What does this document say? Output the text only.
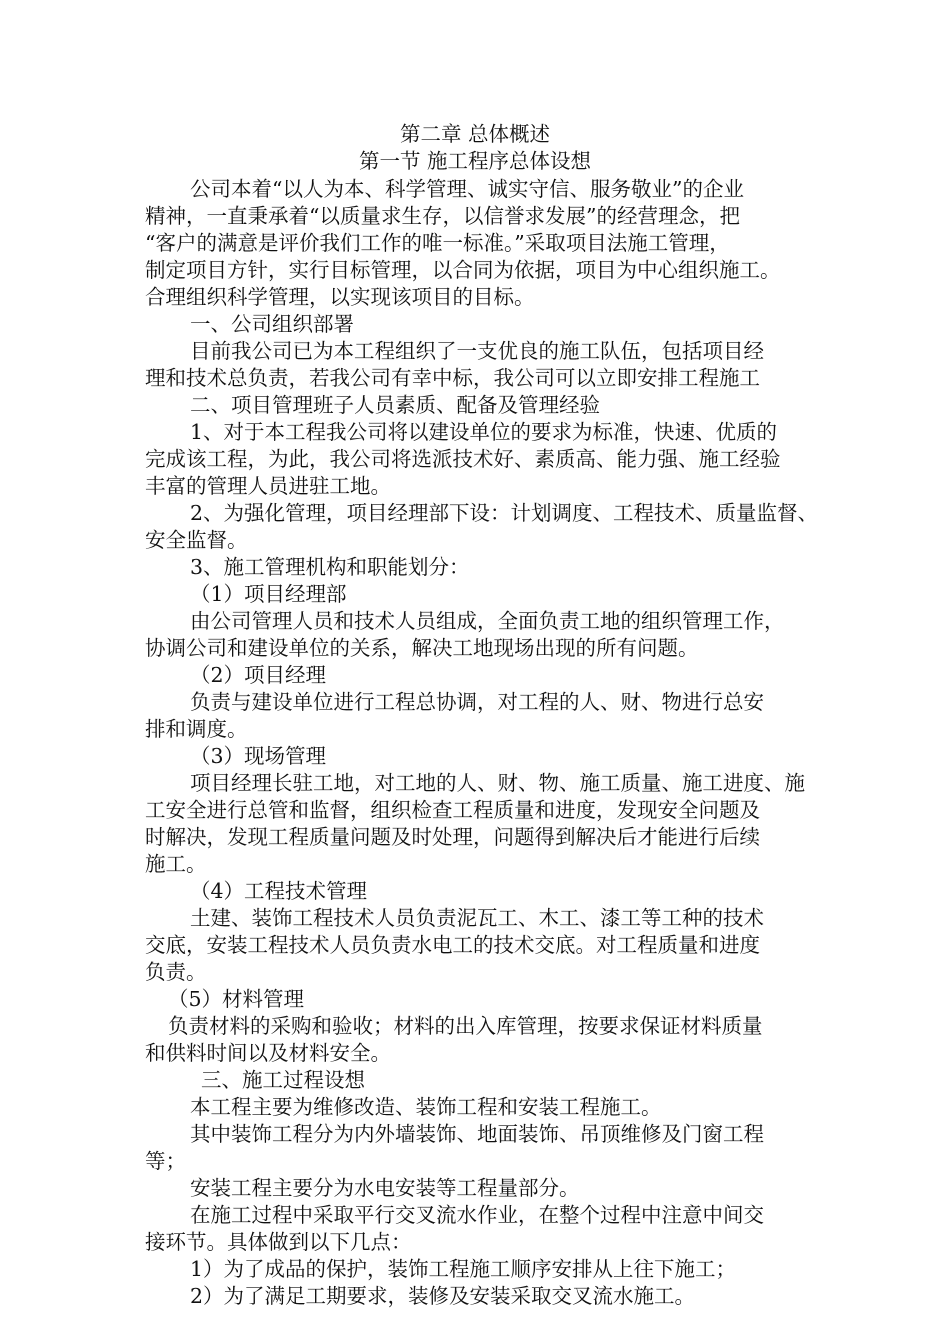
第二章 总体概述
第一节 施工程序总体设想
公司本着“以人为本、科学管理、诚实守信、服务敬业”的企业
精神，一直秉承着“以质量求生存，以信誉求发展”的经营理念，把
“客户的满意是评价我们工作的唯一标准。”采取项目法施工管理，
制定项目方针，实行目标管理，以合同为依据，项目为中心组织施工。
合理组织科学管理，以实现该项目的目标。
一、公司组织部署
目前我公司已为本工程组织了一支优良的施工队伍，包括项目经
理和技术总负责，若我公司有幸中标，我公司可以立即安排工程施工
二、项目管理班子人员素质、配备及管理经验
1、对于本工程我公司将以建设单位的要求为标准，快速、优质的
完成该工程，为此，我公司将选派技术好、素质高、能力强、施工经验
丰富的管理人员进驻工地。
2、为强化管理，项目经理部下设：计划调度、工程技术、质量监督、
安全监督。
3、施工管理机构和职能划分：
（1）项目经理部
由公司管理人员和技术人员组成，全面负责工地的组织管理工作，
协调公司和建设单位的关系，解决工地现场出现的所有问题。
（2）项目经理
负责与建设单位进行工程总协调，对工程的人、财、物进行总安
排和调度。
（3）现场管理
项目经理长驻工地，对工地的人、财、物、施工质量、施工进度、施
工安全进行总管和监督，组织检查工程质量和进度，发现安全问题及
时解决，发现工程质量问题及时处理，问题得到解决后才能进行后续
施工。
（4）工程技术管理
土建、装饰工程技术人员负责泥瓦工、木工、漆工等工种的技术
交底，安装工程技术人员负责水电工的技术交底。对工程质量和进度
负责。
（5）材料管理
负责材料的采购和验收；材料的出入库管理，按要求保证材料质量
和供料时间以及材料安全。
三、施工过程设想
本工程主要为维修改造、装饰工程和安装工程施工。
其中装饰工程分为内外墙装饰、地面装饰、吊顶维修及门窗工程
等；
安装工程主要分为水电安装等工程量部分。
在施工过程中采取平行交叉流水作业，在整个过程中注意中间交
接环节。具体做到以下几点：
1）为了成品的保护，装饰工程施工顺序安排从上往下施工；
2）为了满足工期要求，装修及安装采取交叉流水施工。
